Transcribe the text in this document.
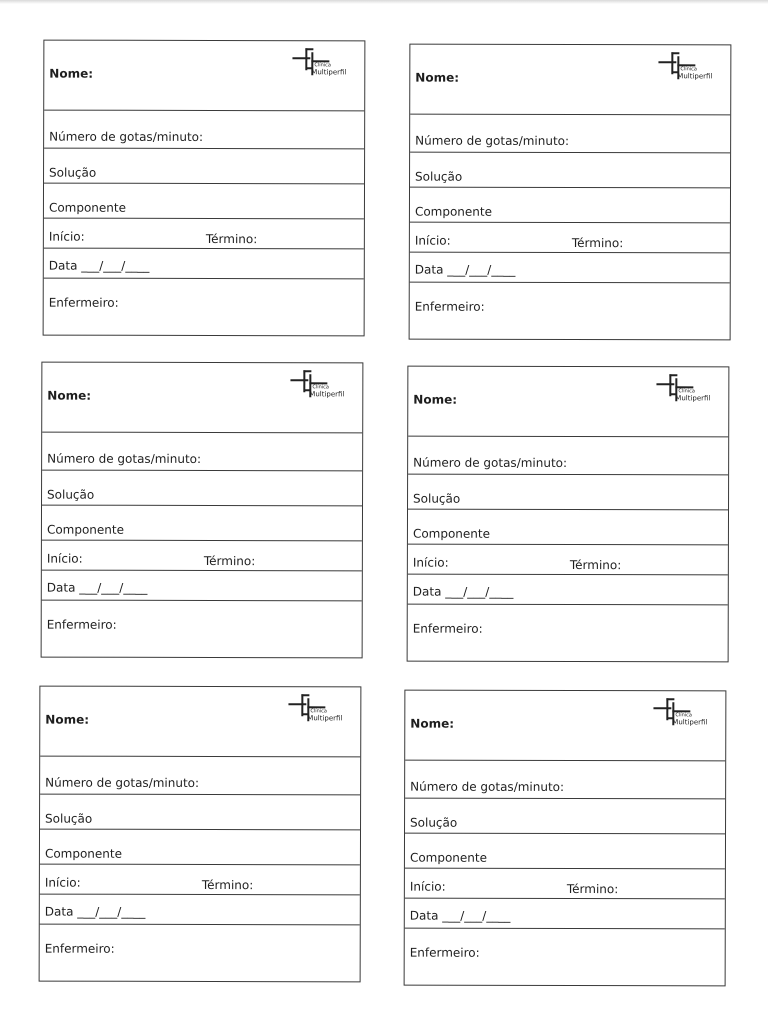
Nome:
Clínica
Multiperfil
Número de gotas/minuto:
Solução
Componente
Início:	Término:
Data ___/___/____
Enfermeiro:
Nome:
Clínica
Multiperfil
Número de gotas/minuto:
Solução
Componente
Início:	Término:
Data ___/___/____
Enfermeiro:
Nome:
Clínica
Multiperfil
Número de gotas/minuto:
Solução
Componente
Início:	Término:
Data ___/___/____
Enfermeiro:
Nome:
Clínica
Multiperfil
Número de gotas/minuto:
Solução
Componente
Início:	Término:
Data ___/___/____
Enfermeiro:
Nome:
Clínica
Multiperfil
Número de gotas/minuto:
Solução
Componente
Início:	Término:
Data ___/___/____
Enfermeiro:
Nome:
Clínica
Multiperfil
Número de gotas/minuto:
Solução
Componente
Início:	Término:
Data ___/___/____
Enfermeiro:
